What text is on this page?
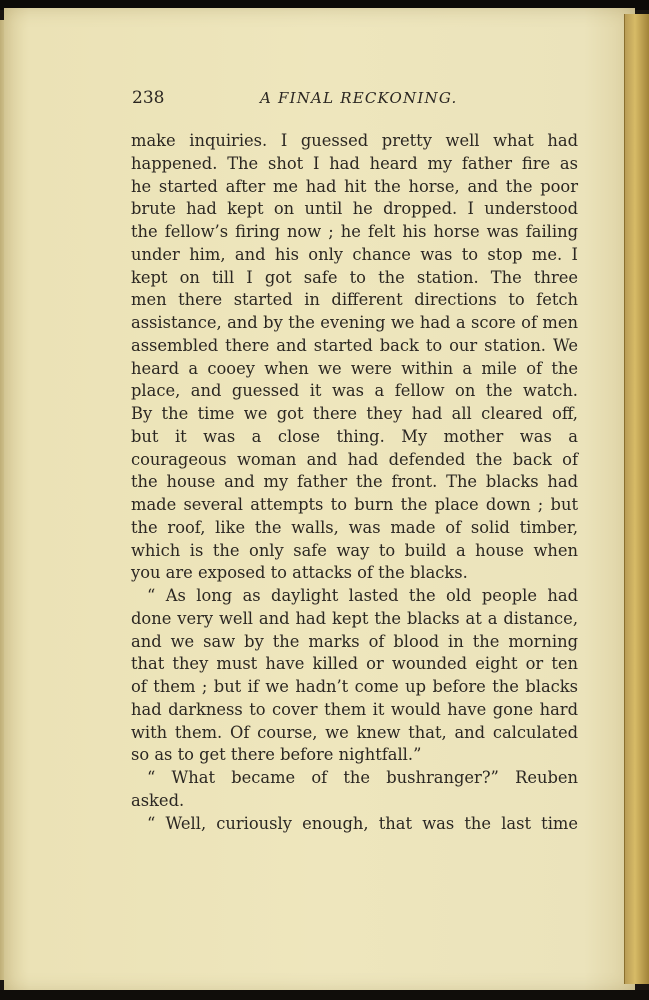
238	A FINAL RECKONING.
make inquiries. I guessed pretty well what had
happened. The shot I had heard my father fire as
he started after me had hit the horse, and the poor
brute had kept on until he dropped. I understood
the fellow’s firing now ; he felt his horse was failing
under him, and his only chance was to stop me. I
kept on till I got safe to the station. The three
men there started in different directions to fetch
assistance, and by the evening we had a score of men
assembled there and started back to our station. We
heard a cooey when we were within a mile of the
place, and guessed it was a fellow on the watch.
By the time we got there they had all cleared off,
but it was a close thing. My mother was a
courageous woman and had defended the back of
the house and my father the front. The blacks had
made several attempts to burn the place down ; but
the roof, like the walls, was made of solid timber,
which is the only safe way to build a house when
you are exposed to attacks of the blacks.
“ As long as daylight lasted the old people had
done very well and had kept the blacks at a distance,
and we saw by the marks of blood in the morning
that they must have killed or wounded eight or ten
of them ; but if we hadn’t come up before the blacks
had darkness to cover them it would have gone hard
with them. Of course, we knew that, and calculated
so as to get there before nightfall.”
“ What became of the bushranger?” Reuben
asked.
“ Well, curiously enough, that was the last time
